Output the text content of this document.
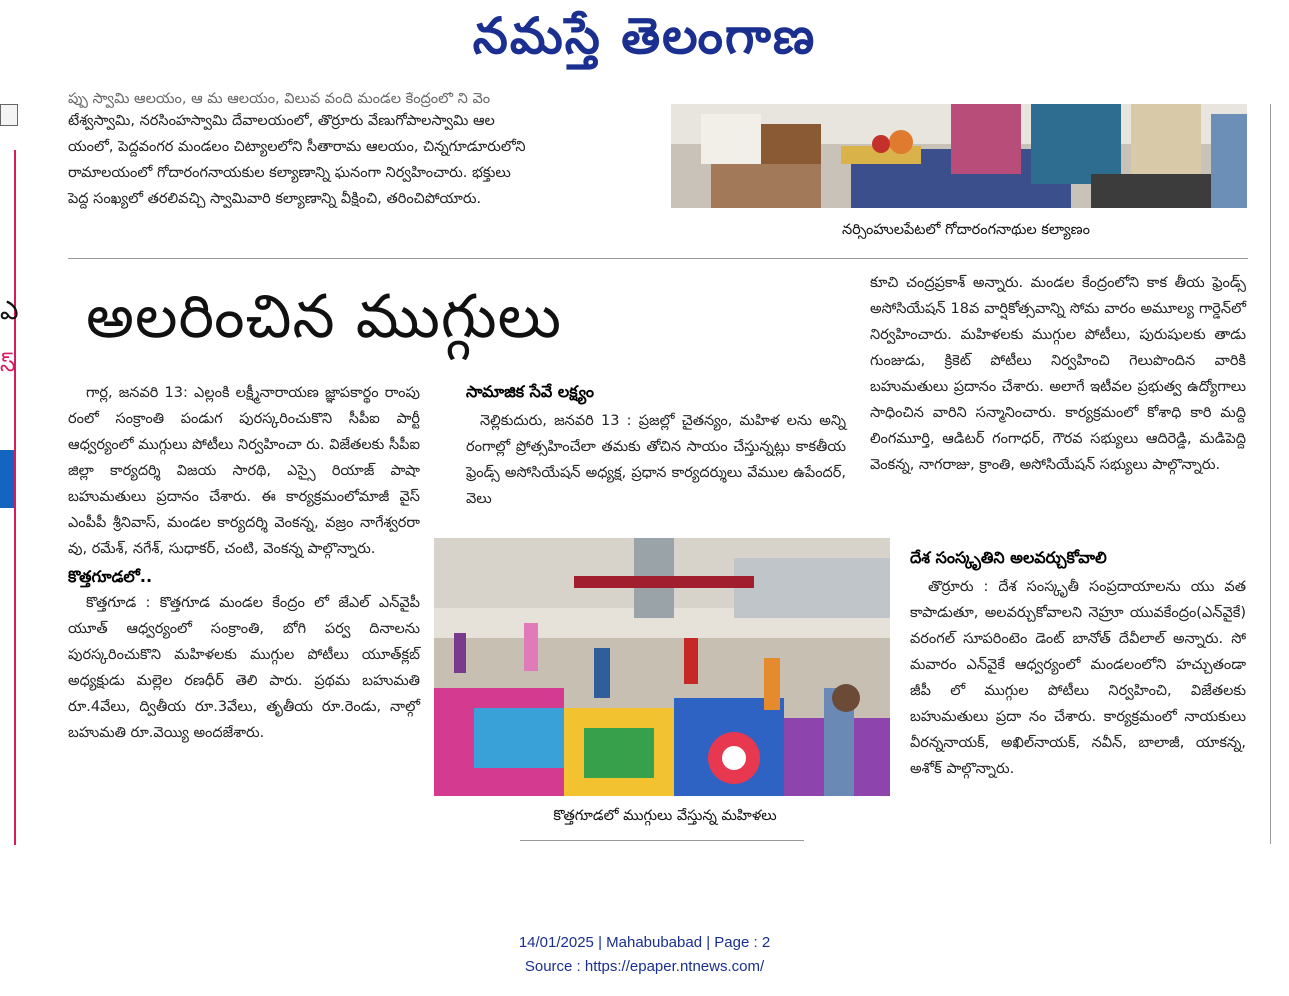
ఎ
స్
నమస్తే తెలంగాణ
ప్పు స్వామి ఆలయం, ఆ మ ఆలయం, విలువ వంది మండల కేంద్రంలో ని వెం
టేశ్వస్వామి, నరసింహస్వామి దేవాలయంలో, తొర్రూరు వేణుగోపాలస్వామి ఆల
యంలో, పెద్దవంగర మండలం చిట్యాలలోని సీతారామ ఆలయం, చిన్నగూడూరులోని
రామాలయంలో గోదారంగనాయకుల కల్యాణాన్ని ఘనంగా నిర్వహించారు. భక్తులు
పెద్ద సంఖ్యలో తరలివచ్చి స్వామివారి కల్యాణాన్ని వీక్షించి, తరించిపోయారు.
నర్సింహులపేటలో గోదారంగనాథుల కల్యాణం
అలరించిన ముగ్గులు
గార్ల, జనవరి 13: ఎల్లంకి లక్ష్మీనారాయణ జ్ఞాపకార్థం రాంపు రంలో సంక్రాంతి పండుగ పురస్కరించుకొని సీపీఐ పార్టీ ఆధ్వర్యంలో ముగ్గులు పోటీలు నిర్వహించా రు. విజేతలకు సీపీఐ జిల్లా కార్యదర్శి విజయ సారథి, ఎస్సై రియాజ్ పాషా బహుమతులు ప్రదానం చేశారు. ఈ కార్యక్రమంలోమాజీ వైస్ ఎంపీపీ శ్రీనివాస్, మండల కార్యదర్శి వెంకన్న, వజ్రం నాగేశ్వరరా వు, రమేశ్, నగేశ్, సుధాకర్, చంటి, వెంకన్న పాల్గొన్నారు.
కొత్తగూడలో..
కొత్తగూడ : కొత్తగూడ మండల కేంద్రం లో జేఎల్ ఎన్‌వైపీ యూత్ ఆధ్వర్యంలో సంక్రాంతి, బోగి పర్వ దినాలను పురస్కరించుకొని మహిళలకు ముగ్గుల పోటీలు యూత్‌క్లబ్ అధ్యక్షుడు మల్లెల రణధీర్ తెలి పారు. ప్రథమ బహుమతి రూ.4వేలు, ద్వితీయ రూ.3వేలు, తృతీయ రూ.రెండు, నాల్గో బహుమతి రూ.వెయ్యి అందజేశారు.
సామాజిక సేవే లక్ష్యం
నెల్లికుదురు, జనవరి 13 : ప్రజల్లో చైతన్యం, మహిళ లను అన్ని రంగాల్లో ప్రోత్సహించేలా తమకు తోచిన సాయం చేస్తున్నట్లు కాకతీయ ఫ్రెండ్స్ అసోసియేషన్ అధ్యక్ష, ప్రధాన కార్యదర్శులు వేముల ఉపేందర్, వెలు
కొత్తగూడలో ముగ్గులు వేస్తున్న మహిళలు
కూచి చంద్రప్రకాశ్ అన్నారు. మండల కేంద్రంలోని కాక తీయ ఫ్రెండ్స్ అసోసియేషన్ 18వ వార్షికోత్సవాన్ని సోమ వారం అమూల్య గార్డెన్‌లో నిర్వహించారు. మహిళలకు ముగ్గుల పోటీలు, పురుషులకు తాడు గుంజుడు, క్రికెట్ పోటీలు నిర్వహించి గెలుపొందిన వారికి బహుమతులు ప్రదానం చేశారు. అలాగే ఇటీవల ప్రభుత్వ ఉద్యోగాలు సాధించిన వారిని సన్మానించారు. కార్యక్రమంలో కోశాధి కారి మద్ది లింగమూర్తి, ఆడిటర్ గంగాధర్, గౌరవ సభ్యులు ఆదిరెడ్డి, మడిపెద్ది వెంకన్న, నాగరాజు, క్రాంతి, అసోసియేషన్ సభ్యులు పాల్గొన్నారు.
దేశ సంస్కృతిని అలవర్చుకోవాలి
తొర్రూరు : దేశ సంస్కృతీ సంప్రదాయాలను యు వత కాపాడుతూ, అలవర్చుకోవాలని నెహ్రూ యువకేంద్రం(ఎన్‌వైకే) వరంగల్ సూపరింటెం డెంట్ బానోత్ దేవీలాల్ అన్నారు. సో మవారం ఎన్‌వైకే ఆధ్వర్యంలో మండలంలోని హచ్చుతండా జీపీ లో ముగ్గుల పోటీలు నిర్వహించి, విజేతలకు బహుమతులు ప్రదా నం చేశారు. కార్యక్రమంలో నాయకులు వీరన్ననాయక్, అఖిల్‌నాయక్, నవీన్, బాలాజీ, యాకన్న, అశోక్ పాల్గొన్నారు.
14/01/2025 | Mahabubabad | Page : 2
Source : https://epaper.ntnews.com/
